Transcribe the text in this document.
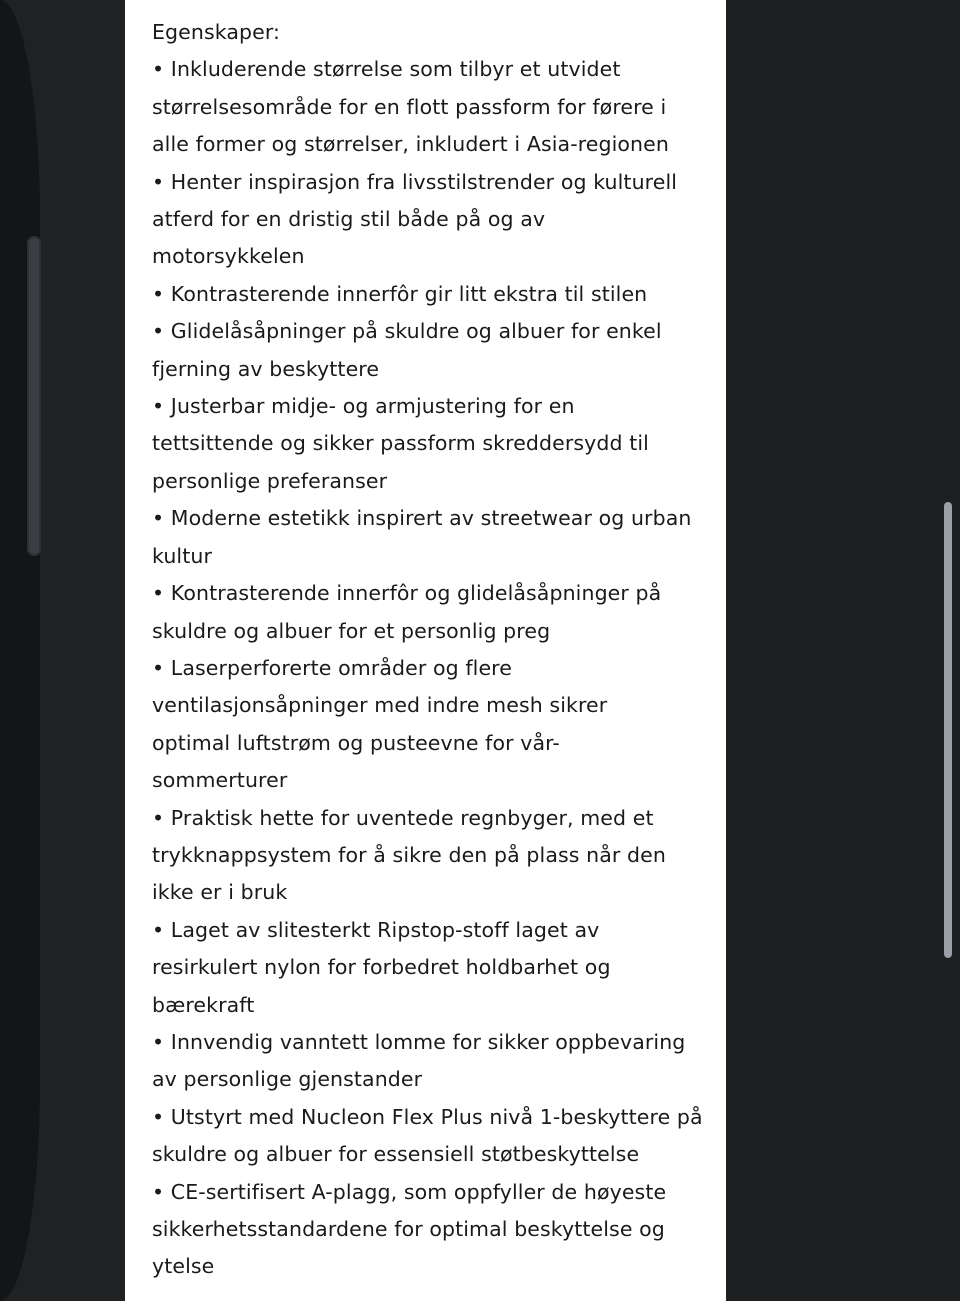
Egenskaper:
• Inkluderende størrelse som tilbyr et utvidet
størrelsesområde for en flott passform for førere i
alle former og størrelser, inkludert i Asia-regionen
• Henter inspirasjon fra livsstilstrender og kulturell
atferd for en dristig stil både på og av
motorsykkelen
• Kontrasterende innerfôr gir litt ekstra til stilen
• Glidelåsåpninger på skuldre og albuer for enkel
fjerning av beskyttere
• Justerbar midje- og armjustering for en
tettsittende og sikker passform skreddersydd til
personlige preferanser
• Moderne estetikk inspirert av streetwear og urban
kultur
• Kontrasterende innerfôr og glidelåsåpninger på
skuldre og albuer for et personlig preg
• Laserperforerte områder og flere
ventilasjonsåpninger med indre mesh sikrer
optimal luftstrøm og pusteevne for vår-
sommerturer
• Praktisk hette for uventede regnbyger, med et
trykknappsystem for å sikre den på plass når den
ikke er i bruk
• Laget av slitesterkt Ripstop-stoff laget av
resirkulert nylon for forbedret holdbarhet og
bærekraft
• Innvendig vanntett lomme for sikker oppbevaring
av personlige gjenstander
• Utstyrt med Nucleon Flex Plus nivå 1-beskyttere på
skuldre og albuer for essensiell støtbeskyttelse
• CE-sertifisert A-plagg, som oppfyller de høyeste
sikkerhetsstandardene for optimal beskyttelse og
ytelse
